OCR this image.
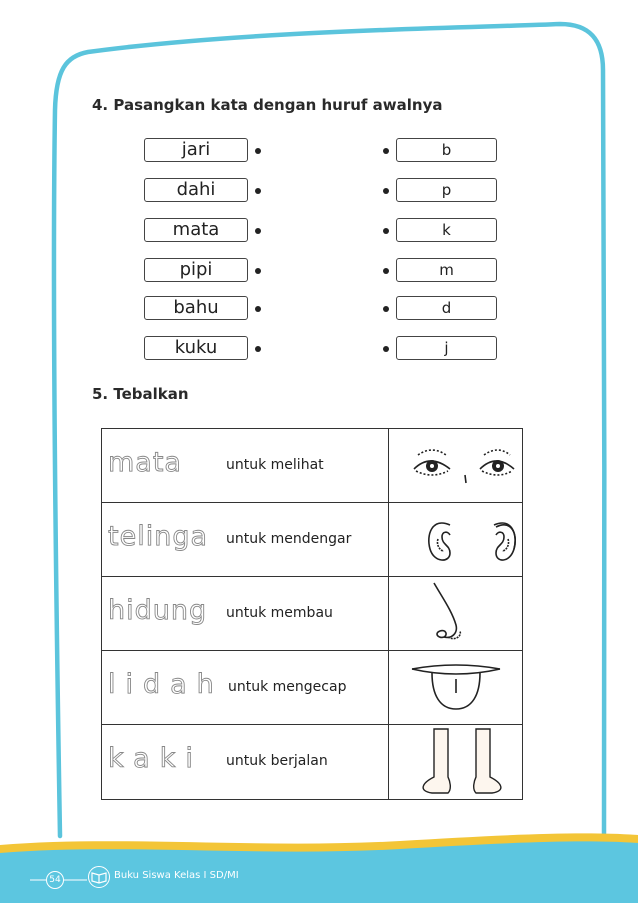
4. Pasangkan kata dengan huruf awalnya
jari
dahi
mata
pipi
bahu
kuku
b
p
k
m
d
j
5. Tebalkan
mata	untuk melihat
telinga untuk mendengar
hidung untuk membau
lidah untuk mengecap
kaki untuk berjalan
54	Buku Siswa Kelas I SD/MI
